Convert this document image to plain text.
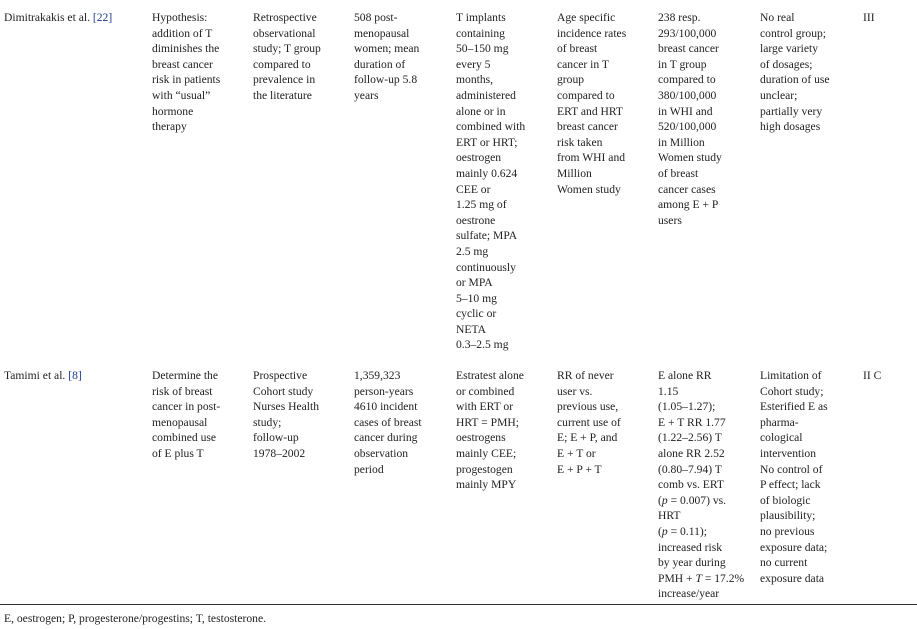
Dimitrakakis et al. [22]	Hypothesis:
addition of T
diminishes the
breast cancer
risk in patients
with “usual”
hormone
therapy
Retrospective
observational
study; T group
compared to
prevalence in
the literature
508 post-
menopausal
women; mean
duration of
follow-up 5.8
years
T implants
containing
50–150 mg
every 5
months,
administered
alone or in
combined with
ERT or HRT;
oestrogen
mainly 0.624
CEE or
1.25 mg of
oestrone
sulfate; MPA
2.5 mg
continuously
or MPA
5–10 mg
cyclic or
NETA
0.3–2.5 mg
Age specific
incidence rates
of breast
cancer in T
group
compared to
ERT and HRT
breast cancer
risk taken
from WHI and
Million
Women study
238 resp.
293/100,000
breast cancer
in T group
compared to
380/100,000
in WHI and
520/100,000
in Million
Women study
of breast
cancer cases
among E + P
users
No real
control group;
large variety
of dosages;
duration of use
unclear;
partially very
high dosages
III
Tamimi et al. [8]	Determine the
risk of breast
cancer in post-
menopausal
combined use
of E plus T
Prospective
Cohort study
Nurses Health
study;
follow-up
1978–2002
1,359,323
person-years
4610 incident
cases of breast
cancer during
observation
period
Estratest alone
or combined
with ERT or
HRT = PMH;
oestrogens
mainly CEE;
progestogen
mainly MPY
RR of never
user vs.
previous use,
current use of
E; E + P, and
E + T or
E + P + T
E alone RR
1.15
(1.05–1.27);
E + T RR 1.77
(1.22–2.56) T
alone RR 2.52
(0.80–7.94) T
comb vs. ERT
(p = 0.007) vs.
HRT
(p = 0.11);
increased risk
by year during
PMH + T = 17.2%
increase/year
Limitation of
Cohort study;
Esterified E as
pharma-
cological
intervention
No control of
P effect; lack
of biologic
plausibility;
no previous
exposure data;
no current
exposure data
II C
E, oestrogen; P, progesterone/progestins; T, testosterone.
